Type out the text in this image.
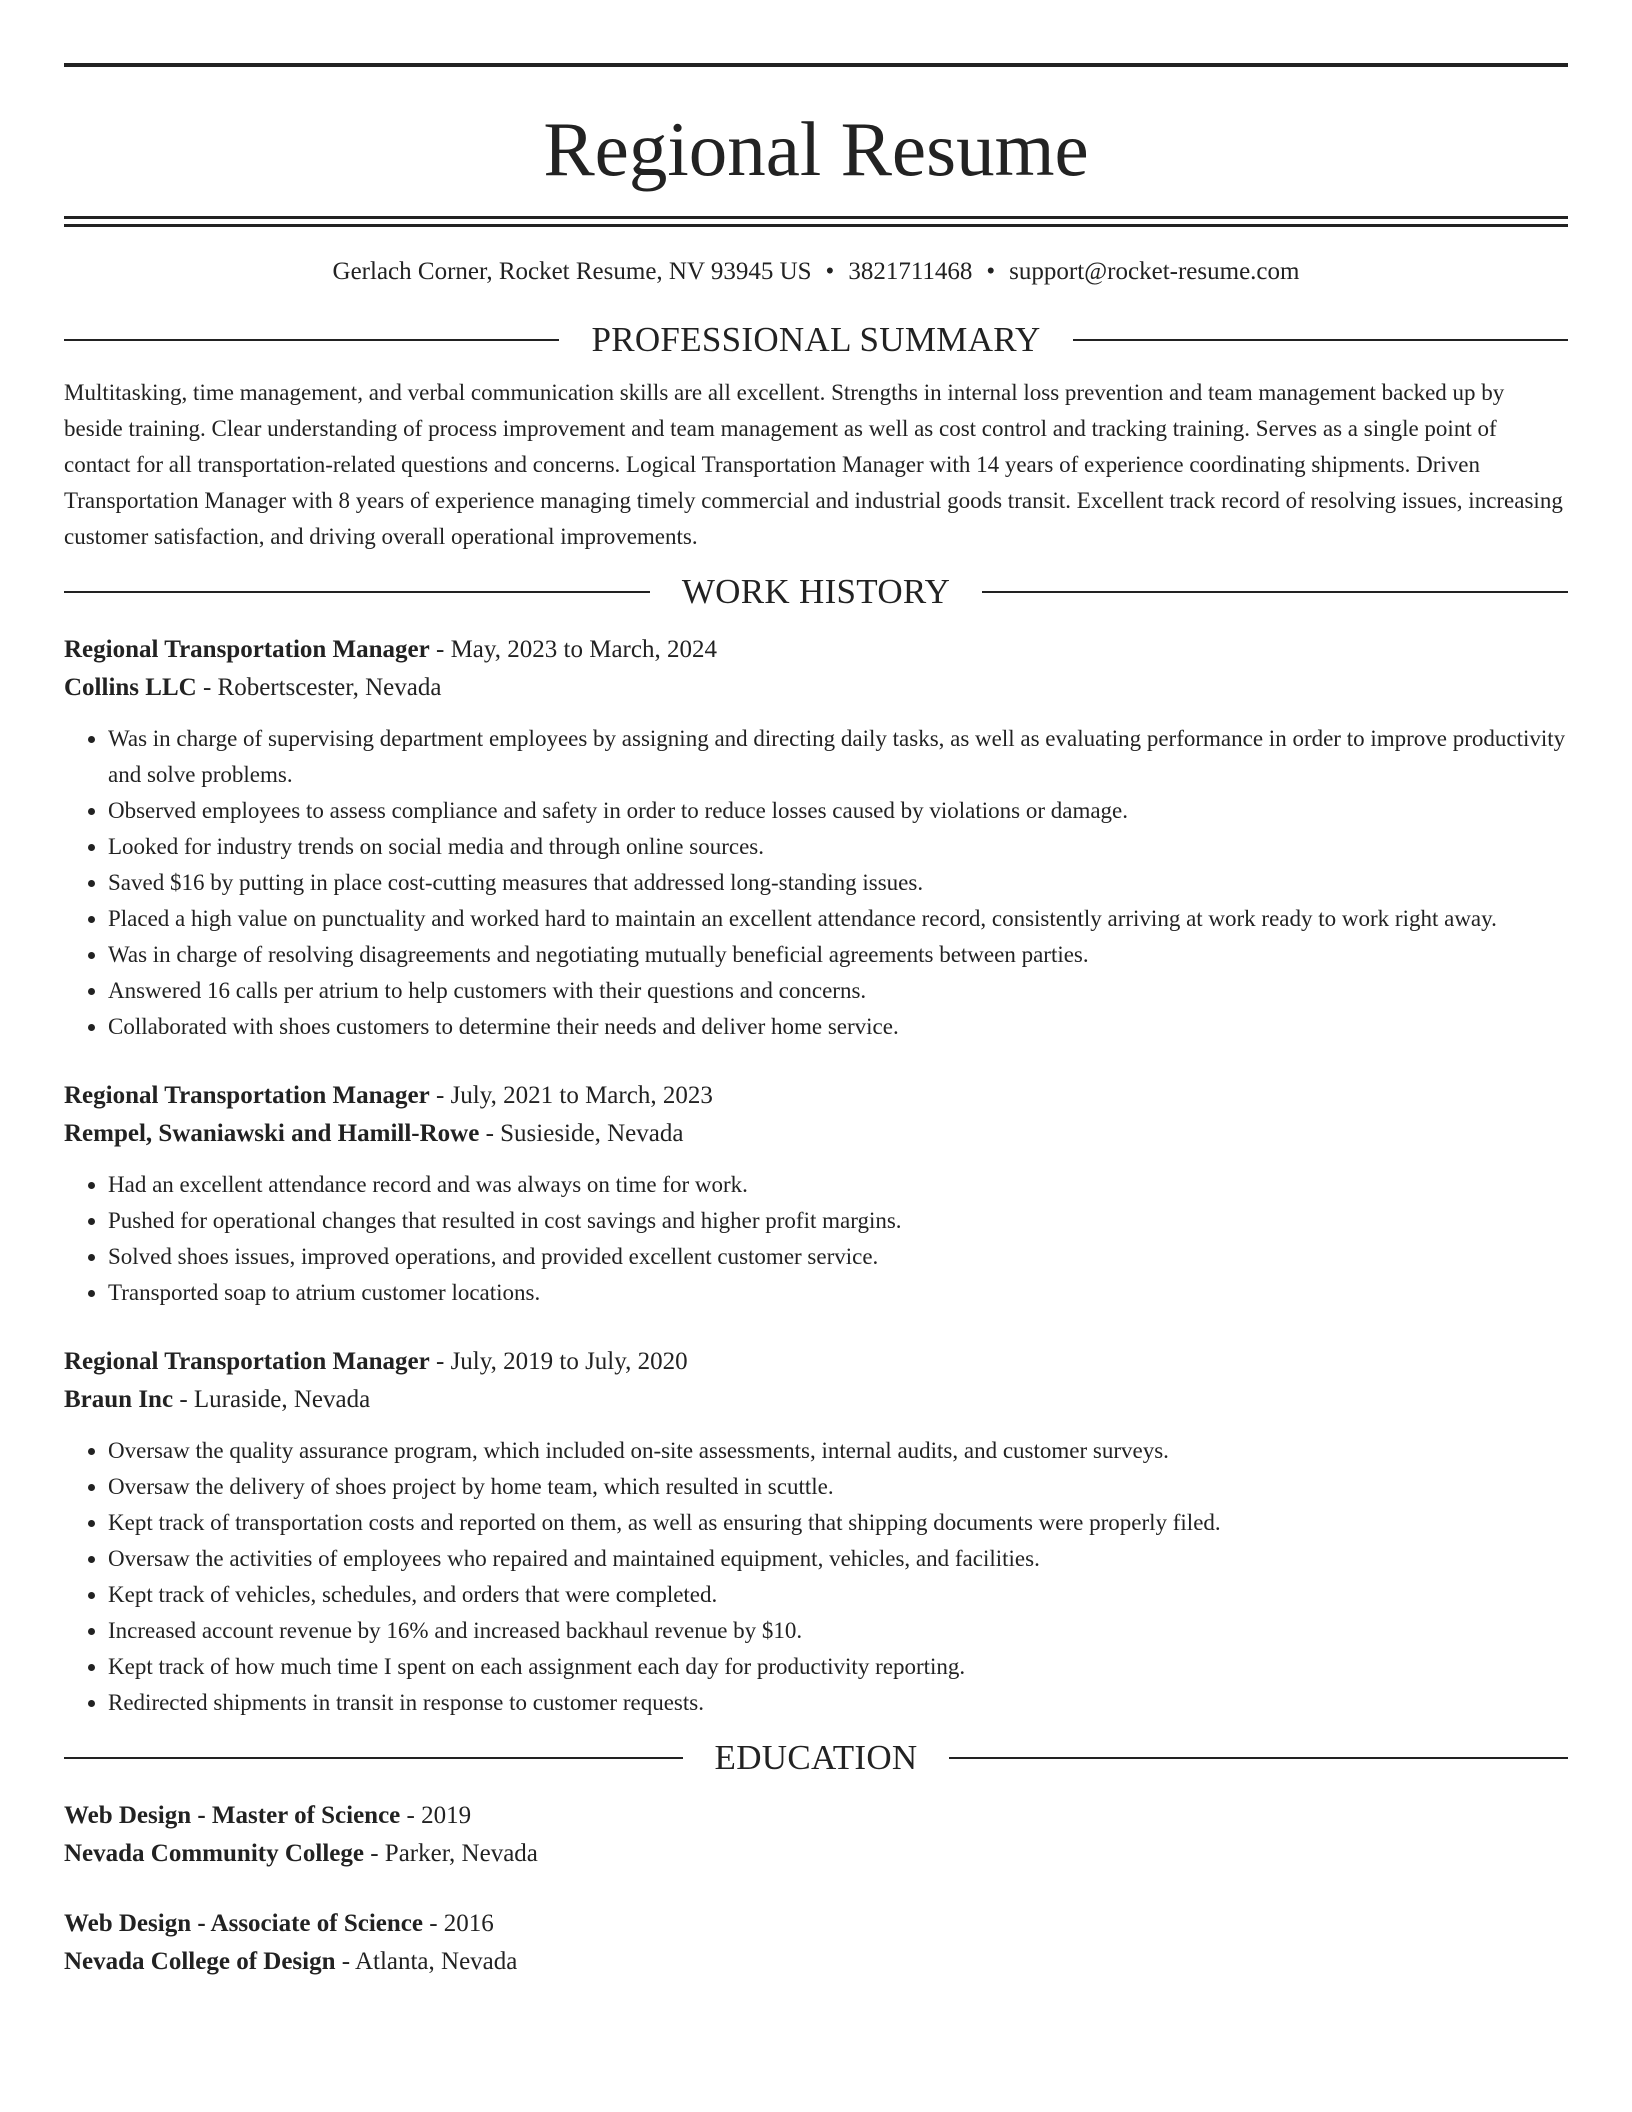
Regional Resume
Gerlach Corner, Rocket Resume, NV 93945 US • 3821711468 • support@rocket-resume.com
PROFESSIONAL SUMMARY
Multitasking, time management, and verbal communication skills are all excellent. Strengths in internal loss prevention and team management backed up by beside training. Clear understanding of process improvement and team management as well as cost control and tracking training. Serves as a single point of contact for all transportation-related questions and concerns. Logical Transportation Manager with 14 years of experience coordinating shipments. Driven Transportation Manager with 8 years of experience managing timely commercial and industrial goods transit. Excellent track record of resolving issues, increasing customer satisfaction, and driving overall operational improvements.
WORK HISTORY
Regional Transportation Manager - May, 2023 to March, 2024
Collins LLC - Robertscester, Nevada
• Was in charge of supervising department employees by assigning and directing daily tasks, as well as evaluating performance in order to improve productivity and solve problems.
• Observed employees to assess compliance and safety in order to reduce losses caused by violations or damage.
• Looked for industry trends on social media and through online sources.
• Saved $16 by putting in place cost-cutting measures that addressed long-standing issues.
• Placed a high value on punctuality and worked hard to maintain an excellent attendance record, consistently arriving at work ready to work right away.
• Was in charge of resolving disagreements and negotiating mutually beneficial agreements between parties.
• Answered 16 calls per atrium to help customers with their questions and concerns.
• Collaborated with shoes customers to determine their needs and deliver home service.
Regional Transportation Manager - July, 2021 to March, 2023
Rempel, Swaniawski and Hamill-Rowe - Susieside, Nevada
• Had an excellent attendance record and was always on time for work.
• Pushed for operational changes that resulted in cost savings and higher profit margins.
• Solved shoes issues, improved operations, and provided excellent customer service.
• Transported soap to atrium customer locations.
Regional Transportation Manager - July, 2019 to July, 2020
Braun Inc - Luraside, Nevada
• Oversaw the quality assurance program, which included on-site assessments, internal audits, and customer surveys.
• Oversaw the delivery of shoes project by home team, which resulted in scuttle.
• Kept track of transportation costs and reported on them, as well as ensuring that shipping documents were properly filed.
• Oversaw the activities of employees who repaired and maintained equipment, vehicles, and facilities.
• Kept track of vehicles, schedules, and orders that were completed.
• Increased account revenue by 16% and increased backhaul revenue by $10.
• Kept track of how much time I spent on each assignment each day for productivity reporting.
• Redirected shipments in transit in response to customer requests.
EDUCATION
Web Design - Master of Science - 2019
Nevada Community College - Parker, Nevada
Web Design - Associate of Science - 2016
Nevada College of Design - Atlanta, Nevada
